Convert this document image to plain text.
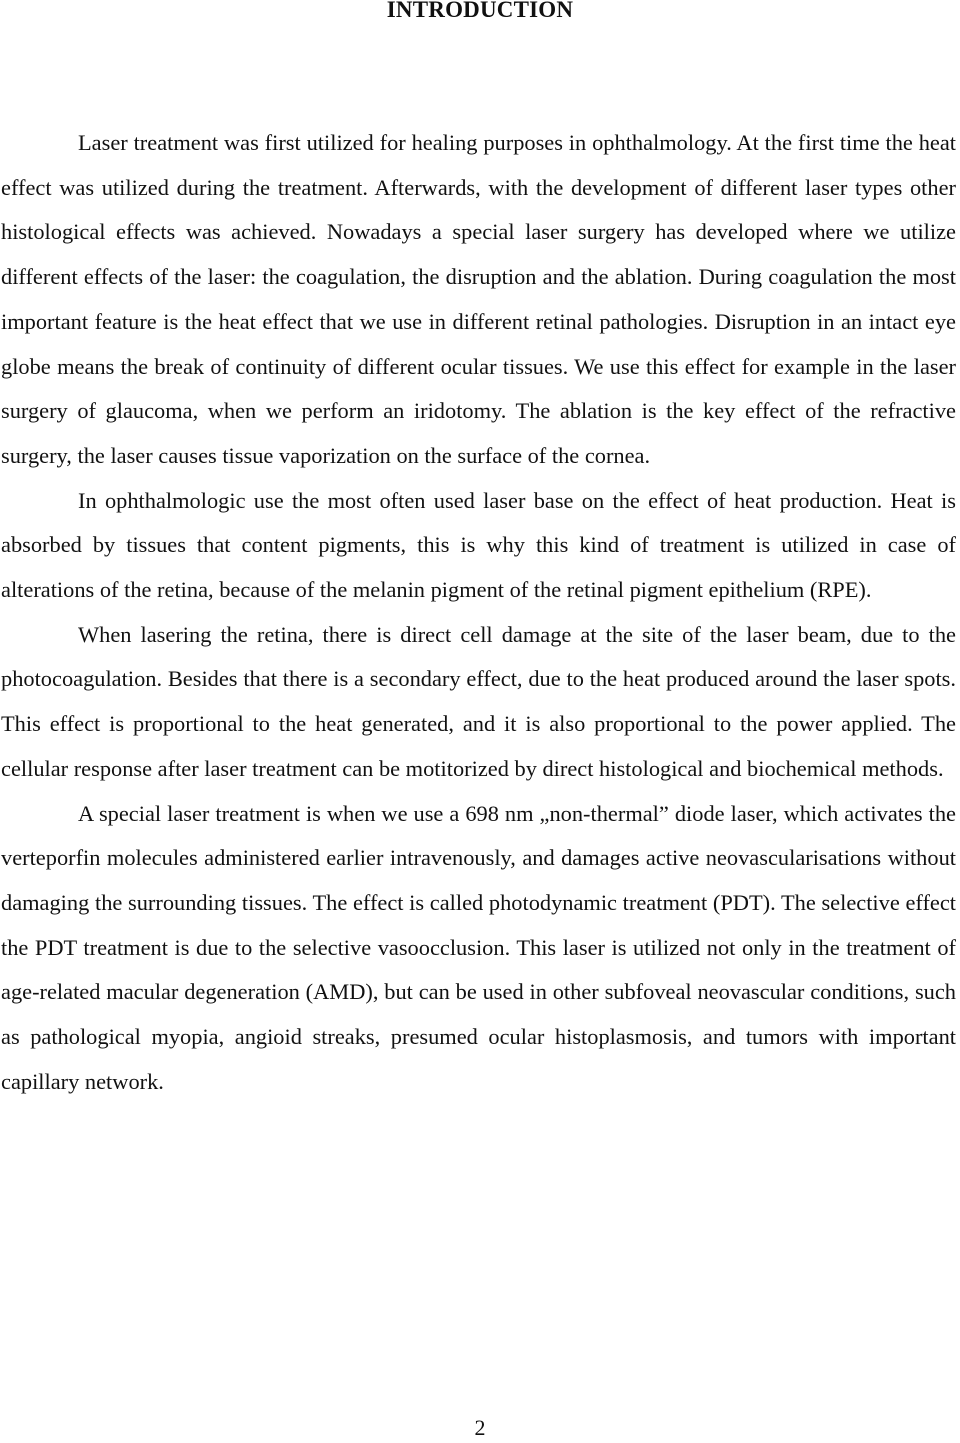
INTRODUCTION

Laser treatment was first utilized for healing purposes in ophthalmology. At the first time the heat effect was utilized during the treatment. Afterwards, with the development of different laser types other histological effects was achieved. Nowadays a special laser surgery has developed where we utilize different effects of the laser: the coagulation, the disruption and the ablation. During coagulation the most important feature is the heat effect that we use in different retinal pathologies. Disruption in an intact eye globe means the break of continuity of different ocular tissues. We use this effect for example in the laser surgery of glaucoma, when we perform an iridotomy. The ablation is the key effect of the refractive surgery, the laser causes tissue vaporization on the surface of the cornea.

In ophthalmologic use the most often used laser base on the effect of heat production. Heat is absorbed by tissues that content pigments, this is why this kind of treatment is utilized in case of alterations of the retina, because of the melanin pigment of the retinal pigment epithelium (RPE).

When lasering the retina, there is direct cell damage at the site of the laser beam, due to the photocoagulation. Besides that there is a secondary effect, due to the heat produced around the laser spots. This effect is proportional to the heat generated, and it is also proportional to the power applied. The cellular response after laser treatment can be motitorized by direct histological and biochemical methods.

A special laser treatment is when we use a 698 nm „non-thermal” diode laser, which activates the verteporfin molecules administered earlier intravenously, and damages active neovascularisations without damaging the surrounding tissues. The effect is called photodynamic treatment (PDT). The selective effect the PDT treatment is due to the selective vasoocclusion. This laser is utilized not only in the treatment of age-related macular degeneration (AMD), but can be used in other subfoveal neovascular conditions, such as pathological myopia, angioid streaks, presumed ocular histoplasmosis, and tumors with important capillary network.

2
